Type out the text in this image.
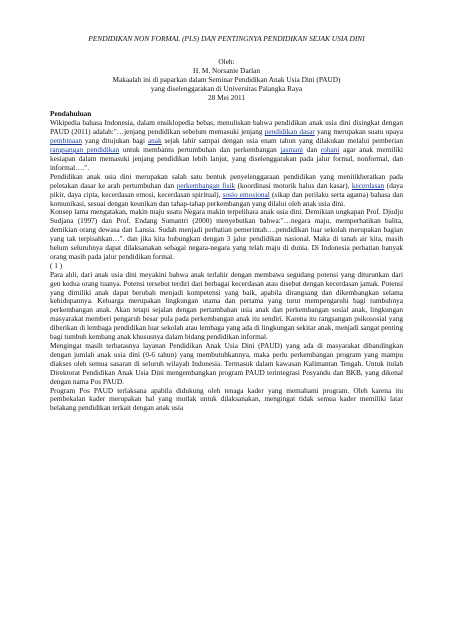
PENDIDIKAN NON FORMAL (PLS) DAN PENTINGNYA PENDIDIKAN SEJAK USIA DINI
Oleh:
H. M. Norsanie Darlan
Makaalah ini di paparkan dalam Seminar Pendidikan Anak Usia Dini (PAUD)
yang diselenggarakan di Universitas Palangka Raya
28 Mei 2011
Pendahuluan

Wikipedia bahasa Indonesia, dalam ensiklopedia bebas, menuliskan bahwa pendidikan anak usia dini disingkat dengan PAUD (2011) adalah:"…jenjang pendidikan sebelum memasuki jenjang pendidikan dasar yang merupakan suatu upaya pembinaan yang ditujukan bagi anak sejak lahir sampai dengan usia enam tahun yang dilakukan melalui pemberian rangsangan pendidikan untuk membantu pertumbuhan dan perkembangan jasmani dan rohani agar anak memiliki kesiapan dalam memasuki jenjang pendidikan lebih lanjut, yang diselenggarakan pada jalur formal, nonformal, dan informal….".

Pendidikan anak usia dini merupakan salah satu bentuk penyelenggaraan pendidikan yang menitikberatkan pada peletakan dasar ke arah pertumbuhan dan perkembangan fisik (koordinasi motorik halus dan kasar), kecerdasan (daya pikir, daya cipta, kecerdasan emosi, kecerdasan spiritual), sosio emosional (sikap dan perilaku serta agama) bahasa dan komunikasi, sesuai dengan keunikan dan tahap-tahap perkembangan yang dilalui oleh anak usia dini.

Konsep lama mengatakan, makin maju suatu Negara makin terpelihara anak usia dini. Demikian ungkapan Prof. Djudju Sudjana (1997) dan Prof. Endang Sumantri (2000) menyebutkan bahwa:"…negara maju, memperhatikan balita, demikian orang dewasa dan Lansia. Sudah menjadi perhatian pemerintah….pendidikan luar sekolah merupakan bagian yang tak terpisahkan…". dan jika kita hubungkan dengan 3 jalur pendidikan nasional. Maka di tanah air kita, masih belum seluruhnya dapat dilaksanakan sebagai negara-negara yang telah maju di dunia. Di Indonesia perhatian banyak orang masih pada jalur pendidikan formal.

( 1 )

Para ahli, dari anak usia dini meyakini bahwa anak terlahir dengan membawa segudang potensi yang diturunkan dari gen kedua orang tuanya. Potensi tersebut terdiri dari berbagai kecerdasan atau disebut dengan kecerdasan jamak. Potensi yang dimiliki anak dapat berubah menjadi kompetensi yang baik, apabila dirangsang dan dikembangkan selama kehidupannya. Keluarga merupakan lingkungan utama dan pertama yang turut mempengaruhi bagi tumbuhnya perkembangan anak. Akan tetapi sejalan dengan pertambahan usia anak dan perkembangan sosial anak, lingkungan masyarakat memberi pengaruh besar pula pada perkembangan anak itu sendiri. Karena itu rangsangan psikososial yang diberikan di lembaga pendidikan luar sekolah atau lembaga yang ada di lingkungan sekitar anak, menjadi sangat penting bagi tumbuh kembang anak khususnya dalam bidang pendidikan informal.

Mengingat masih terbatasnya layanan Pendidikan Anak Usia Dini (PAUD) yang ada di masyarakat dibandingkan dengan jumlah anak usia dini (0-6 tahun) yang membutuhkannya, maka perlu perkembangan program yang mampu diakses oleh semua sasaran di seluruh wilayah Indonesia. Termasuk dalam kawasan Kalimantan Tengah. Untuk itulah Direktorat Pendidikan Anak Usia Dini mengembangkan program PAUD terintegrasi Posyandu dan BKB, yang dikenal dengan nama Pos PAUD.

Program Pos PAUD terlaksana apabila didukung oleh tenaga kader yang memahami program. Oleh karena itu pembekalan kader merupakan hal yang mutlak untuk dilaksanakan, mengingat tidak semua kader memiliki latar belakang pendidikan terkait dengan anak usia
